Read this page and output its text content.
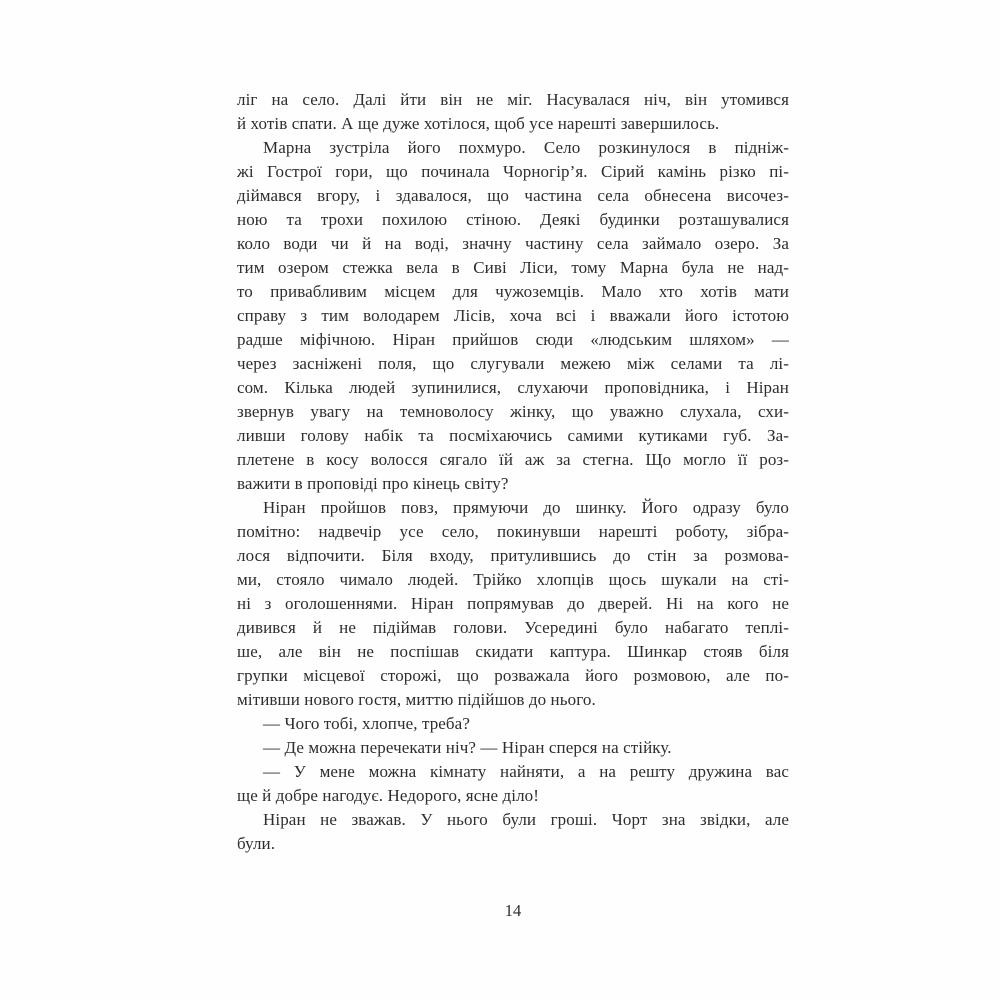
ліг на село. Далі йти він не міг. Насувалася ніч, він утомився
й хотів спати. А ще дуже хотілося, щоб усе нарешті завершилось.
Марна зустріла його похмуро. Село розкинулося в підніж-
жі Гострої гори, що починала Чорногір’я. Сірий камінь різко пі-
діймався вгору, і здавалося, що частина села обнесена височез-
ною та трохи похилою стіною. Деякі будинки розташувалися
коло води чи й на воді, значну частину села займало озеро. За
тим озером стежка вела в Сиві Ліси, тому Марна була не над-
то привабливим місцем для чужоземців. Мало хто хотів мати
справу з тим володарем Лісів, хоча всі і вважали його істотою
радше міфічною. Ніран прийшов сюди «людським шляхом» —
через засніжені поля, що слугували межею між селами та лі-
сом. Кілька людей зупинилися, слухаючи проповідника, і Ніран
звернув увагу на темноволосу жінку, що уважно слухала, схи-
ливши голову набік та посміхаючись самими кутиками губ. За-
плетене в косу волосся сягало їй аж за стегна. Що могло її роз-
важити в проповіді про кінець світу?
Ніран пройшов повз, прямуючи до шинку. Його одразу було
помітно: надвечір усе село, покинувши нарешті роботу, зібра-
лося відпочити. Біля входу, притулившись до стін за розмова-
ми, стояло чимало людей. Трійко хлопців щось шукали на сті-
ні з оголошеннями. Ніран попрямував до дверей. Ні на кого не
дивився й не підіймав голови. Усередині було набагато теплі-
ше, але він не поспішав скидати каптура. Шинкар стояв біля
групки місцевої сторожі, що розважала його розмовою, але по-
мітивши нового гостя, миттю підійшов до нього.
— Чого тобі, хлопче, треба?
— Де можна перечекати ніч? — Ніран сперся на стійку.
— У мене можна кімнату найняти, а на решту дружина вас
ще й добре нагодує. Недорого, ясне діло!
Ніран не зважав. У нього були гроші. Чорт зна звідки, але
були.
14
